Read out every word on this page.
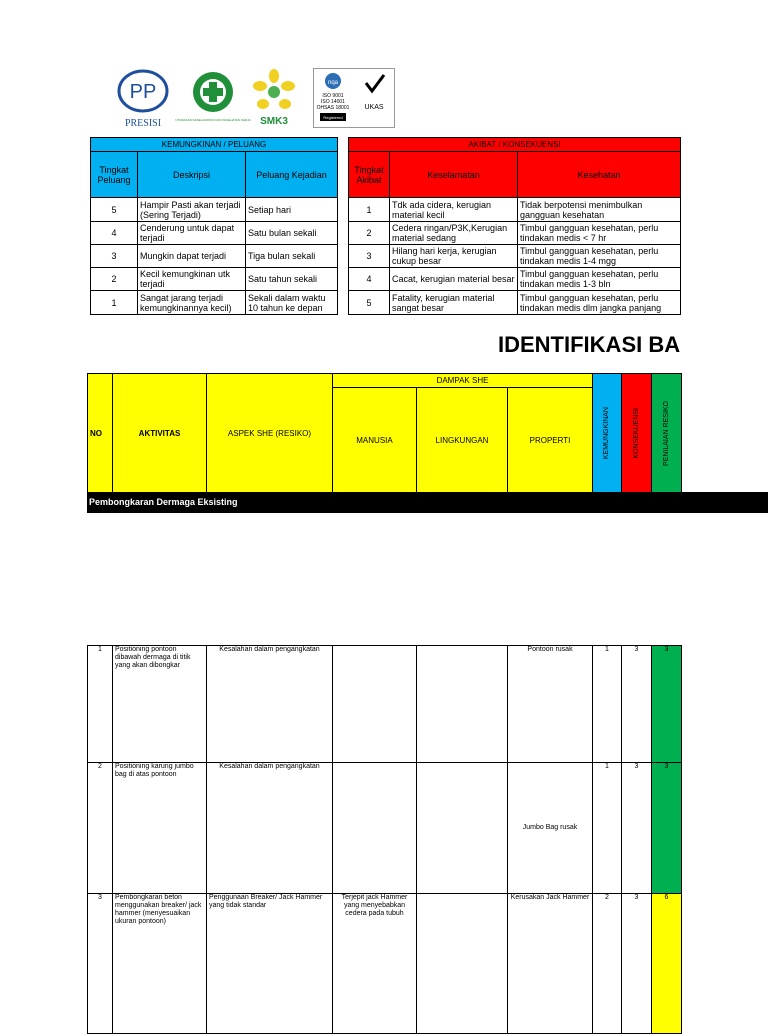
PP
PRESISI	UTAMAKAN KESELAMATAN DAN KESEHATAN KERJA SMK3
nqa
ISO 9001
ISO 14001
OHSAS 18001
Registered
UKAS
KEMUNGKINAN / PELUANG		
Tingkat Peluang	Deskripsi	Peluang Kejadian
5	Hampir Pasti akan terjadi (Sering Terjadi)	Setiap hari
4	Cenderung untuk dapat terjadi	Satu bulan sekali
3	Mungkin dapat terjadi	Tiga bulan sekali
2	Kecil kemungkinan utk terjadi	Satu tahun sekali
1	Sangat jarang terjadi kemungkinannya kecil)	Sekali dalam waktu 10 tahun ke depan
AKIBAT / KONSEKUENSI		
Tingkat Akibat	Keselamatan	Kesehatan
1	Tdk ada cidera, kerugian material kecil	Tidak berpotensi menimbulkan gangguan kesehatan
2	Cedera ringan/P3K,Kerugian material sedang	Timbul gangguan kesehatan, perlu tindakan medis < 7 hr
3	Hilang hari kerja, kerugian cukup besar	Timbul gangguan kesehatan, perlu tindakan medis 1-4 mgg
4	Cacat, kerugian material besar	Timbul gangguan kesehatan, perlu tindakan medis 1-3 bln
5	Fatality, kerugian material sangat besar	Timbul gangguan kesehatan, perlu tindakan medis dlm jangka panjang
IDENTIFIKASI BA
NO	AKTIVITAS	ASPEK SHE (RESIKO)	DAMPAK SHE			KEMUNGKINAN	KONSEKUENSI	PENILAIAN RESIKO

			MANUSIA	LINGKUNGAN	PROPERTI			
Pembongkaran Dermaga Eksisting
1	Positioning pontoon dibawah dermaga di titik yang akan dibongkar	Kesalahan dalam pengangkatan			Pontoon rusak	1	3	3
2	Positioning karung jumbo bag di atas pontoon	Kesalahan dalam pengangkatan			Jumbo Bag rusak	1	3	3
3	Pembongkaran beton menggunakan breaker/ jack hammer (menyesuaikan ukuran pontoon)	Penggunaan Breaker/ Jack Hammer yang tidak standar	Terjepit jack Hammer yang menyebabkan cedera pada tubuh		Kerusakan Jack Hammer	2	3	6
